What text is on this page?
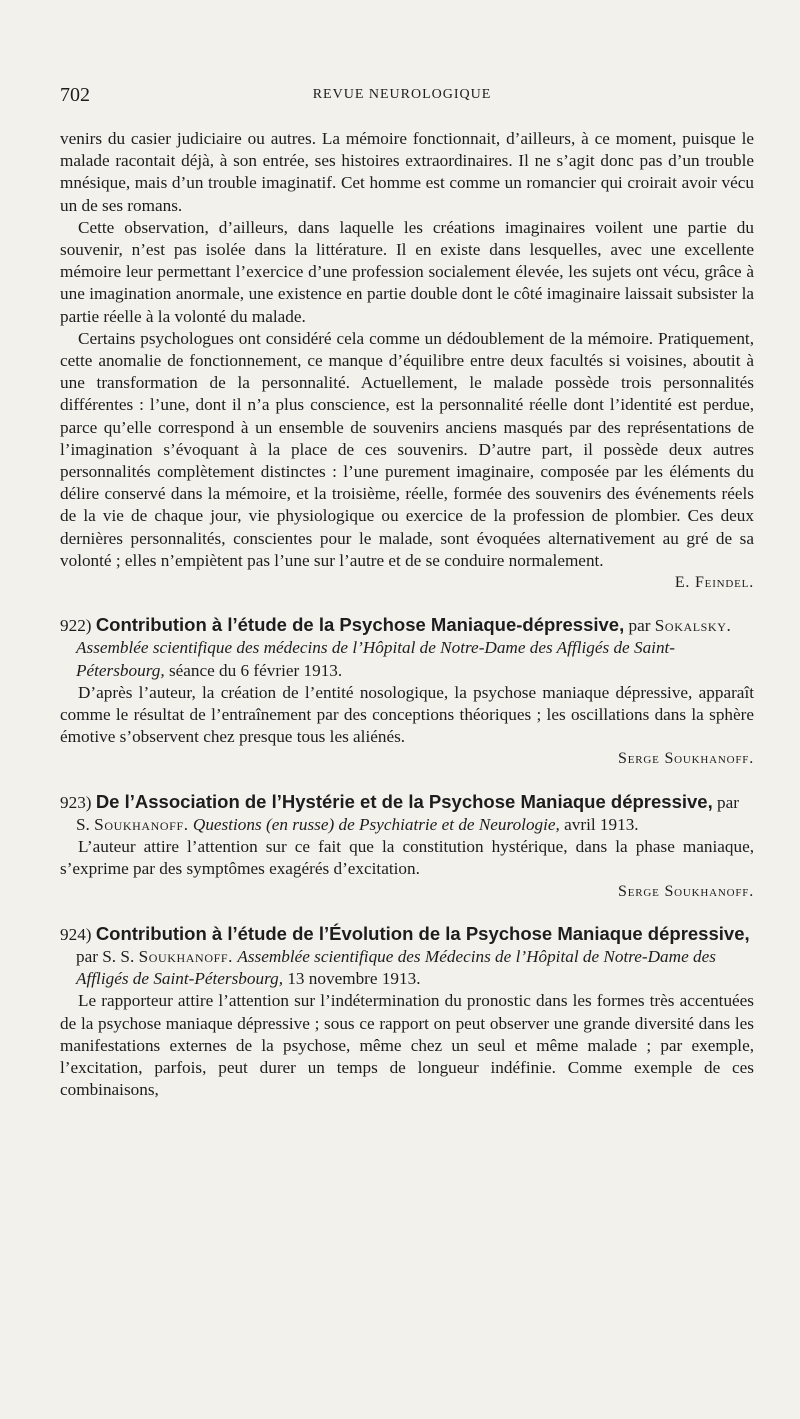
702	REVUE NEUROLOGIQUE

venirs du casier judiciaire ou autres. La mémoire fonctionnait, d’ailleurs, à ce moment, puisque le malade racontait déjà, à son entrée, ses histoires extraordinaires. Il ne s’agit donc pas d’un trouble mnésique, mais d’un trouble imaginatif. Cet homme est comme un romancier qui croirait avoir vécu un de ses romans.

Cette observation, d’ailleurs, dans laquelle les créations imaginaires voilent une partie du souvenir, n’est pas isolée dans la littérature. Il en existe dans lesquelles, avec une excellente mémoire leur permettant l’exercice d’une profession socialement élevée, les sujets ont vécu, grâce à une imagination anormale, une existence en partie double dont le côté imaginaire laissait subsister la partie réelle à la volonté du malade.

Certains psychologues ont considéré cela comme un dédoublement de la mémoire. Pratiquement, cette anomalie de fonctionnement, ce manque d’équilibre entre deux facultés si voisines, aboutit à une transformation de la personnalité. Actuellement, le malade possède trois personnalités différentes : l’une, dont il n’a plus conscience, est la personnalité réelle dont l’identité est perdue, parce qu’elle correspond à un ensemble de souvenirs anciens masqués par des représentations de l’imagination s’évoquant à la place de ces souvenirs. D’autre part, il possède deux autres personnalités complètement distinctes : l’une purement imaginaire, composée par les éléments du délire conservé dans la mémoire, et la troisième, réelle, formée des souvenirs des événements réels de la vie de chaque jour, vie physiologique ou exercice de la profession de plombier. Ces deux dernières personnalités, conscientes pour le malade, sont évoquées alternativement au gré de sa volonté ; elles n’empiètent pas l’une sur l’autre et de se conduire normalement.

E. Feindel.

922) Contribution à l’étude de la Psychose Maniaque-dépressive, par Sokalsky. Assemblée scientifique des médecins de l’Hôpital de Notre-Dame des Affligés de Saint-Pétersbourg, séance du 6 février 1913.

D’après l’auteur, la création de l’entité nosologique, la psychose maniaque dépressive, apparaît comme le résultat de l’entraînement par des conceptions théoriques ; les oscillations dans la sphère émotive s’observent chez presque tous les aliénés.

Serge Soukhanoff.

923) De l’Association de l’Hystérie et de la Psychose Maniaque dépressive, par S. Soukhanoff. Questions (en russe) de Psychiatrie et de Neurologie, avril 1913.

L’auteur attire l’attention sur ce fait que la constitution hystérique, dans la phase maniaque, s’exprime par des symptômes exagérés d’excitation.

Serge Soukhanoff.

924) Contribution à l’étude de l’Évolution de la Psychose Maniaque dépressive, par S. S. Soukhanoff. Assemblée scientifique des Médecins de l’Hôpital de Notre-Dame des Affligés de Saint-Pétersbourg, 13 novembre 1913.

Le rapporteur attire l’attention sur l’indétermination du pronostic dans les formes très accentuées de la psychose maniaque dépressive ; sous ce rapport on peut observer une grande diversité dans les manifestations externes de la psychose, même chez un seul et même malade ; par exemple, l’excitation, parfois, peut durer un temps de longueur indéfinie. Comme exemple de ces combinaisons,
